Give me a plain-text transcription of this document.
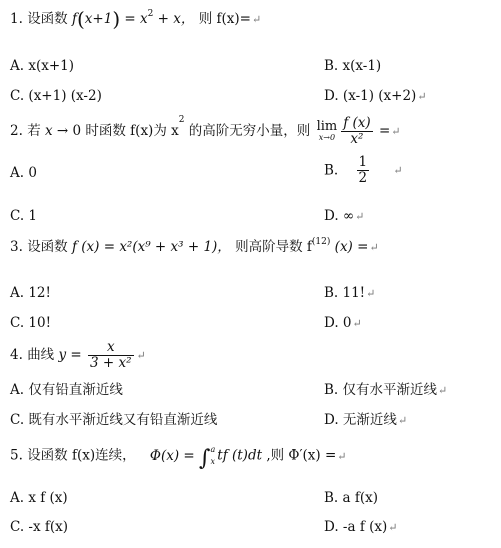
1. 设函数 $f(x+1) = x^2 + x$， 则 f(x)=↵
A. x(x+1)	B. x(x-1)
C. (x+1) (x-2)	D. (x-1) (x+2)↵
2. 若 x → 0 时函数 f(x)为 $x^2$ 的高阶无穷小量，则 lim
$x\to 0 \frac{f (x)}{\text{x²}}$ =↵
A. 0	B. $\frac{1}{2}$ ↵
C. 1	D. ∞↵
3. 设函数 f (x) = x²(x⁹ + x³ + 1)， 则高阶导数 $f^{(12)}$ (x) =↵
A. 12!	B. 11!↵
C. 10!	D. 0↵
4. 曲线 $y = \frac{x}{\text{3 + x²}}$ ↵
A. 仅有铅直渐近线	B. 仅有水平渐近线↵
C. 既有水平渐近线又有铅直渐近线	D. 无渐近线↵
5. 设函数 f(x)连续， Φ(x) = ∫ a
x tf (t)dt ,则 Φ′(x) =↵
A. x f (x)	B. a f(x)
C. -x f(x)	D. -a f (x)↵
